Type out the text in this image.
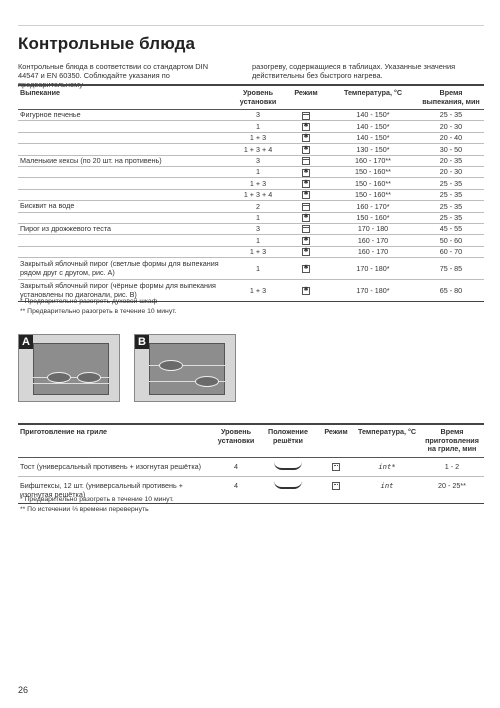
Контрольные блюда
Контрольные блюда в соответствии со стандартом DIN 44547 и EN 60350. Соблюдайте указания по предварительному
разогреву, содержащиеся в таблицах. Указанные значения действительны без быстрого нагрева.
Выпекание	Уровень установки	Режим	Температура, °C	Время выпекания, мин
Фигурное печенье	3		140 - 150*	25 - 35
	1	✱	140 - 150*	20 - 30
	1 + 3	✱	140 - 150*	20 - 40
	1 + 3 + 4	✱	130 - 150*	30 - 50
Маленькие кексы (по 20 шт. на противень)	3		160 - 170**	20 - 35
	1	✱	150 - 160**	20 - 30
	1 + 3	✱	150 - 160**	25 - 35
	1 + 3 + 4	✱	150 - 160**	25 - 35
Бисквит на воде	2		160 - 170*	25 - 35
	1	✱	150 - 160*	25 - 35
Пирог из дрожжевого теста	3		170 - 180	45 - 55
	1	✱	160 - 170	50 - 60
	1 + 3	✱	160 - 170	60 - 70
Закрытый яблочный пирог (светлые формы для выпекания рядом друг с другом, рис. A)	1	✱	170 - 180*	75 - 85
Закрытый яблочный пирог (чёрные формы для выпекания установлены по диагонали, рис. B)	1 + 3	✱	170 - 180*	65 - 80
* Предварительно разогреть духовой шкаф
** Предварительно разогреть в течение 10 минут.
A	B
Приготовление на гриле	Уровень установки	Положение решётки	Режим	Температура, °C	Время приготовления на гриле, мин
Тост (универсальный противень + изогнутая решётка)	4			int*	1 - 2
Бифштексы, 12 шт. (универсальный противень + изогнутая решётка)	4			int	20 - 25**
* Предварительно разогреть в течение 10 минут.
** По истечении ⅔ времени перевернуть
26
